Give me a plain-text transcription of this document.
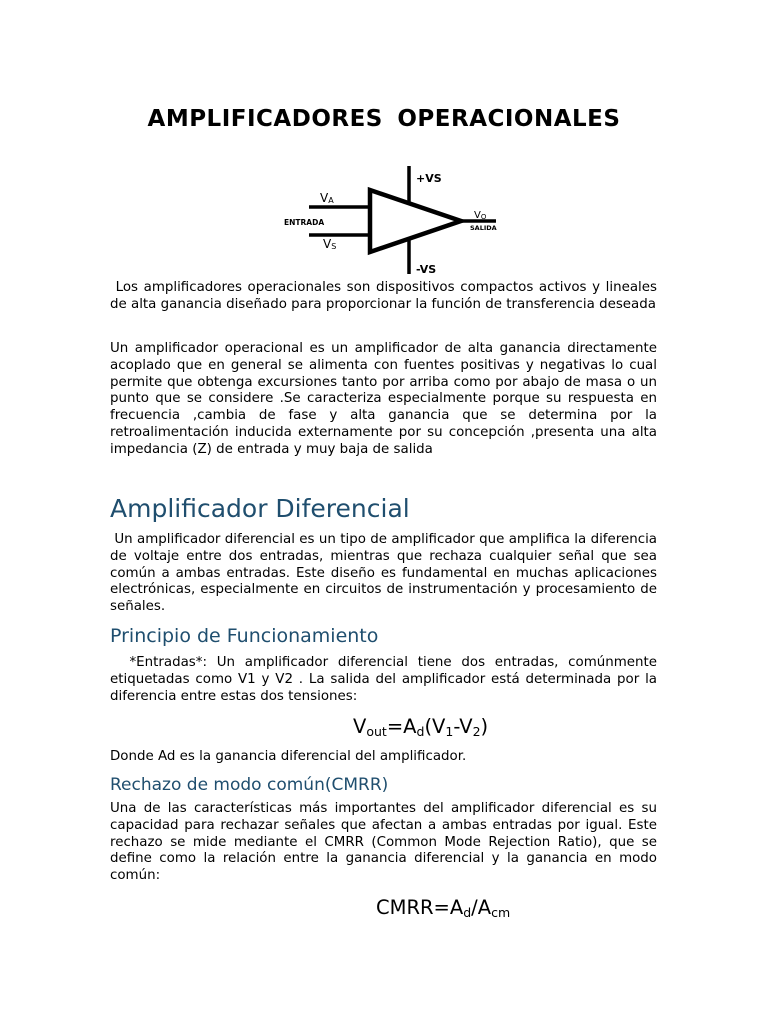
AMPLIFICADORES OPERACIONALES
+VS
-VS
VA
VS
ENTRADA
VO
SALIDA

Los amplificadores operacionales son dispositivos compactos activos y lineales de alta ganancia diseñado para proporcionar la función de transferencia deseada

Un amplificador operacional es un amplificador de alta ganancia directamente acoplado que en general se alimenta con fuentes positivas y negativas lo cual permite que obtenga excursiones tanto por arriba como por abajo de masa o un punto que se considere .Se caracteriza especialmente porque su respuesta en frecuencia ,cambia de fase y alta ganancia que se determina por la retroalimentación inducida externamente por su concepción ,presenta una alta impedancia (Z) de entrada y muy baja de salida

Amplificador Diferencial

Un amplificador diferencial es un tipo de amplificador que amplifica la diferencia de voltaje entre dos entradas, mientras que rechaza cualquier señal que sea común a ambas entradas. Este diseño es fundamental en muchas aplicaciones electrónicas, especialmente en circuitos de instrumentación y procesamiento de señales.

Principio de Funcionamiento

*Entradas*: Un amplificador diferencial tiene dos entradas, comúnmente etiquetadas como V1 y V2 . La salida del amplificador está determinada por la diferencia entre estas dos tensiones:

$V_{out}=A_d(V_1-V_2)$

Donde Ad es la ganancia diferencial del amplificador.

Rechazo de modo común(CMRR)

Una de las características más importantes del amplificador diferencial es su capacidad para rechazar señales que afectan a ambas entradas por igual. Este rechazo se mide mediante el CMRR (Common Mode Rejection Ratio), que se define como la relación entre la ganancia diferencial y la ganancia en modo común:

$CMRR=A_d/A_{cm}$
